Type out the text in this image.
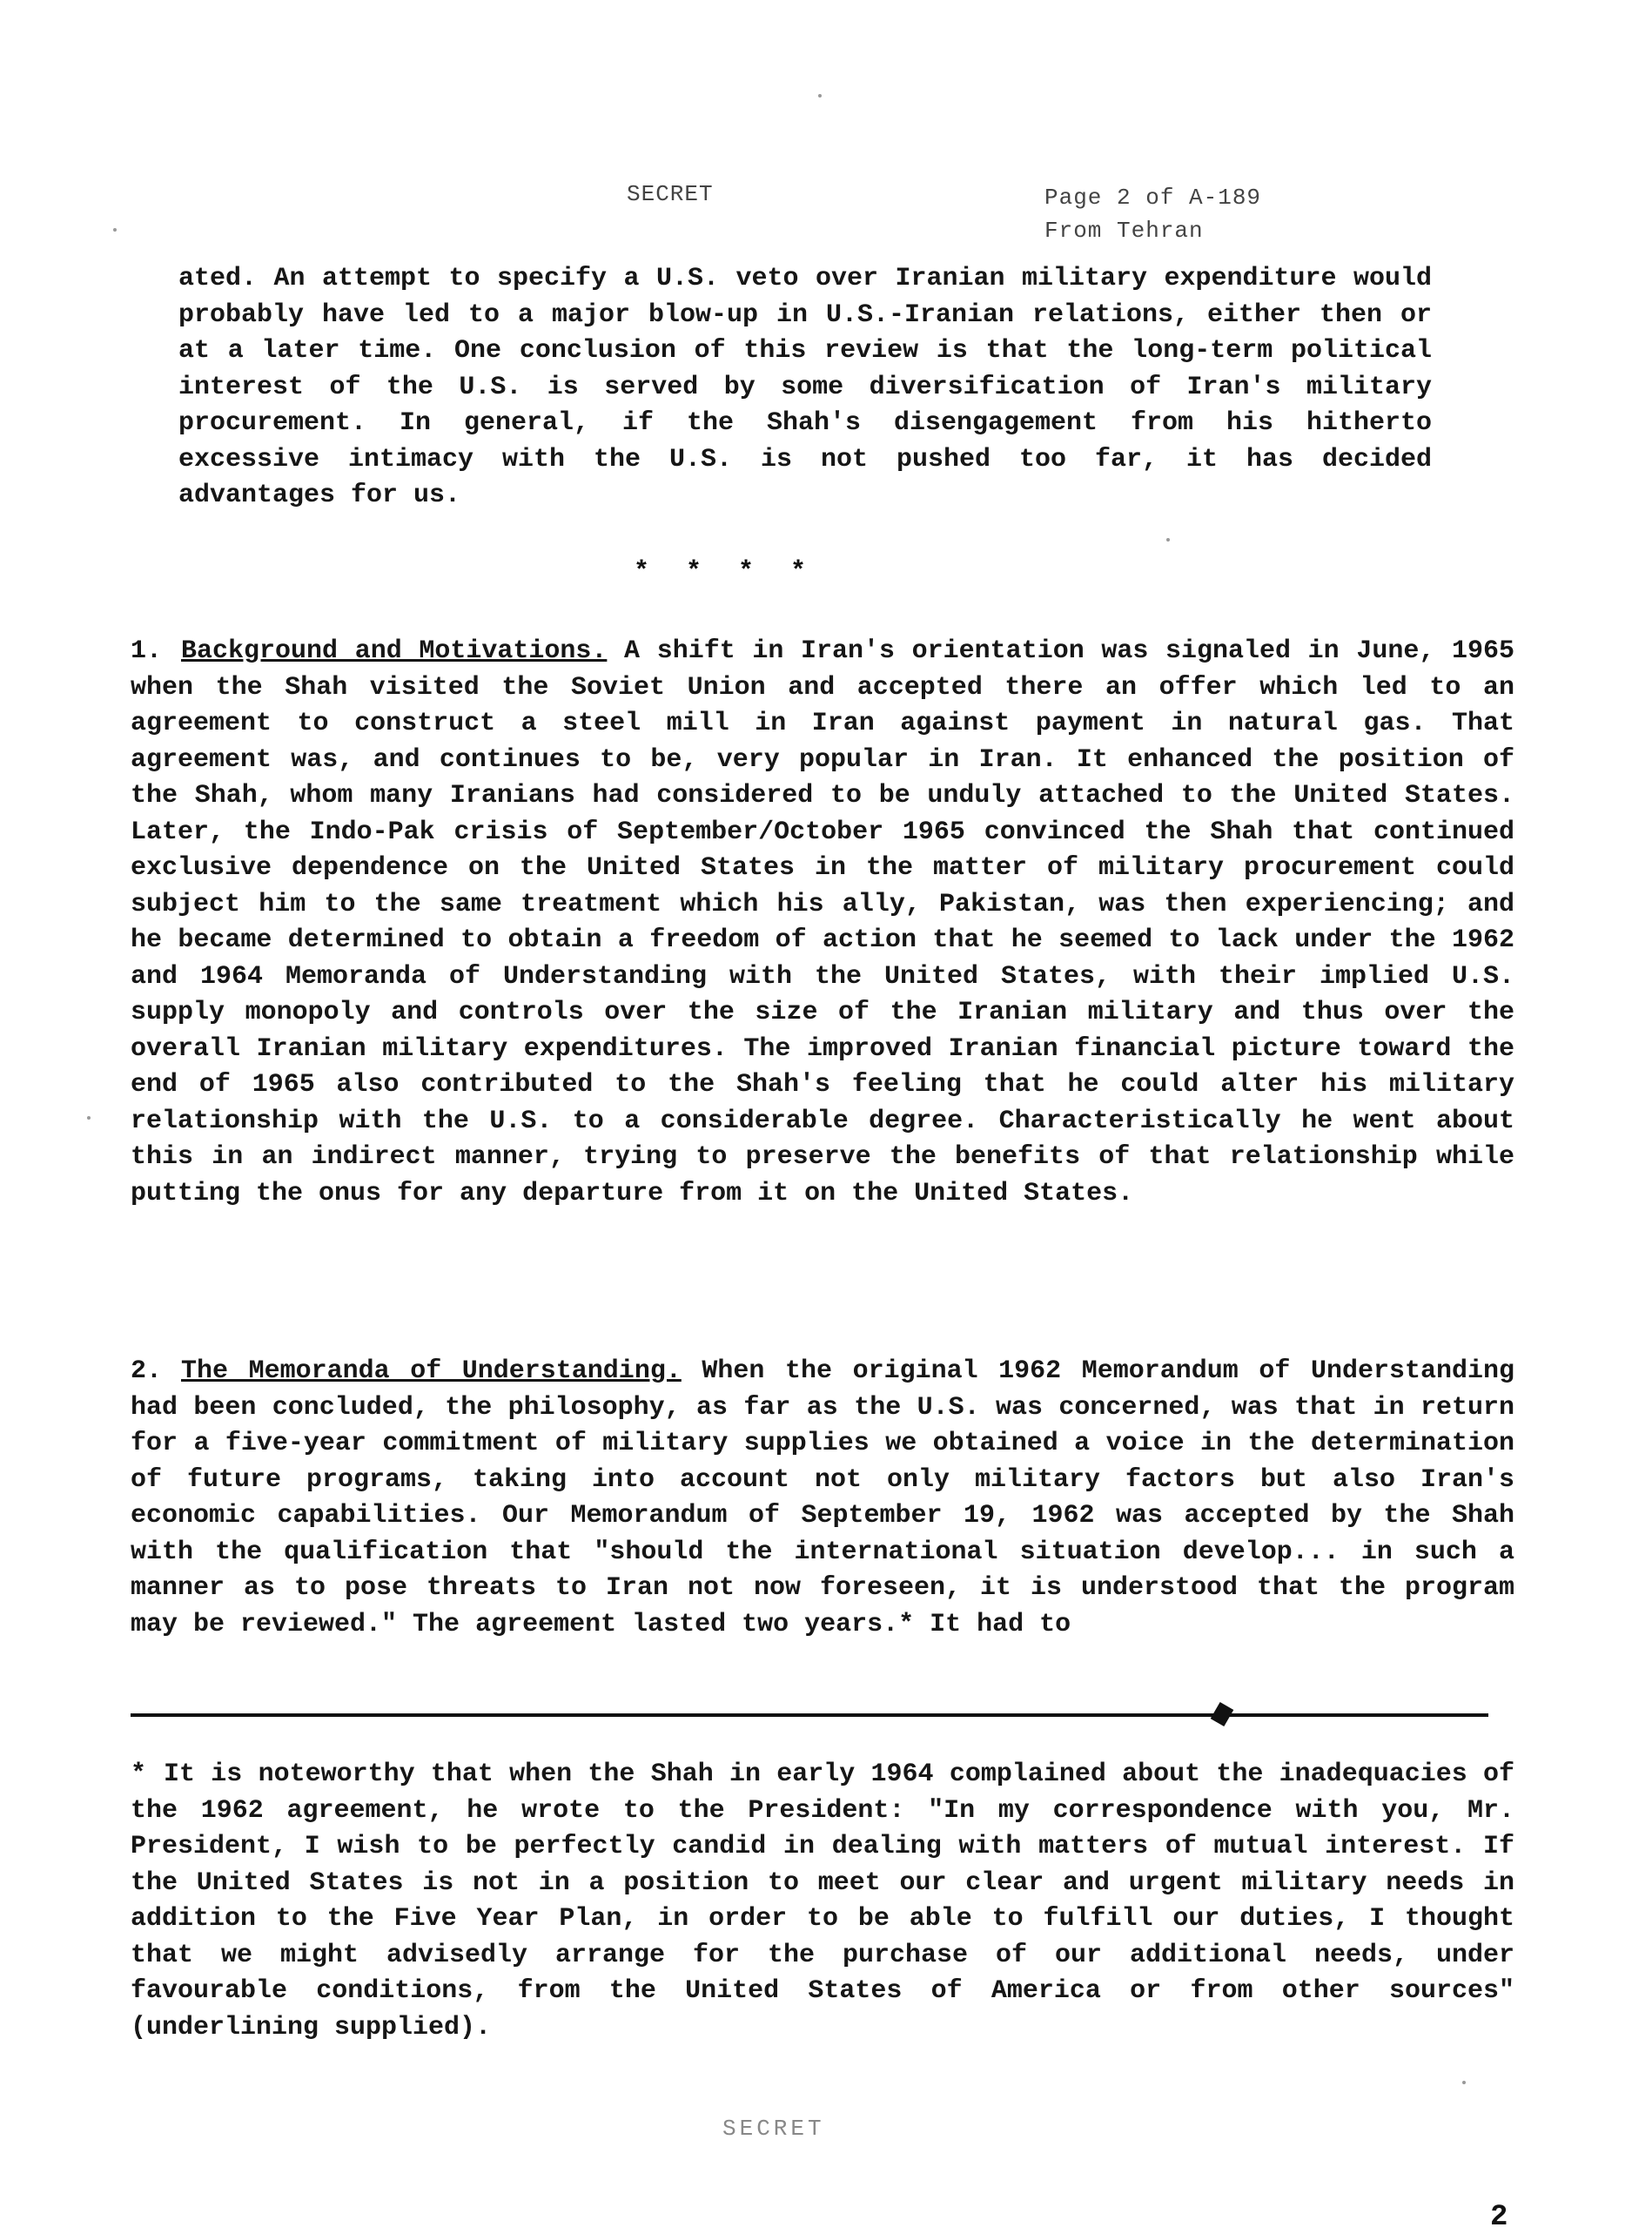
SECRET	Page 2 of A-189
From Tehran

ated. An attempt to specify a U.S. veto over Iranian military expenditure would probably have led to a major blow-up in U.S.-Iranian relations, either then or at a later time. One conclusion of this review is that the long-term political interest of the U.S. is served by some diversification of Iran's military procurement. In general, if the Shah's disengagement from his hitherto excessive intimacy with the U.S. is not pushed too far, it has decided advantages for us.

* * * *

1. Background and Motivations. A shift in Iran's orientation was signaled in June, 1965 when the Shah visited the Soviet Union and accepted there an offer which led to an agreement to construct a steel mill in Iran against payment in natural gas. That agreement was, and continues to be, very popular in Iran. It enhanced the position of the Shah, whom many Iranians had considered to be unduly attached to the United States. Later, the Indo-Pak crisis of September/October 1965 convinced the Shah that continued exclusive dependence on the United States in the matter of military procurement could subject him to the same treatment which his ally, Pakistan, was then experiencing; and he became determined to obtain a freedom of action that he seemed to lack under the 1962 and 1964 Memoranda of Understanding with the United States, with their implied U.S. supply monopoly and controls over the size of the Iranian military and thus over the overall Iranian military expenditures. The improved Iranian financial picture toward the end of 1965 also contributed to the Shah's feeling that he could alter his military relationship with the U.S. to a considerable degree. Characteristically he went about this in an indirect manner, trying to preserve the benefits of that relationship while putting the onus for any departure from it on the United States.

2. The Memoranda of Understanding. When the original 1962 Memorandum of Understanding had been concluded, the philosophy, as far as the U.S. was concerned, was that in return for a five-year commitment of military supplies we obtained a voice in the determination of future programs, taking into account not only military factors but also Iran's economic capabilities. Our Memorandum of September 19, 1962 was accepted by the Shah with the qualification that "should the international situation develop... in such a manner as to pose threats to Iran not now foreseen, it is understood that the program may be reviewed." The agreement lasted two years.* It had to

* It is noteworthy that when the Shah in early 1964 complained about the inadequacies of the 1962 agreement, he wrote to the President: "In my correspondence with you, Mr. President, I wish to be perfectly candid in dealing with matters of mutual interest. If the United States is not in a position to meet our clear and urgent military needs in addition to the Five Year Plan, in order to be able to fulfill our duties, I thought that we might advisedly arrange for the purchase of our additional needs, under favourable conditions, from the United States of America or from other sources" (underlining supplied).

SECRET
2
